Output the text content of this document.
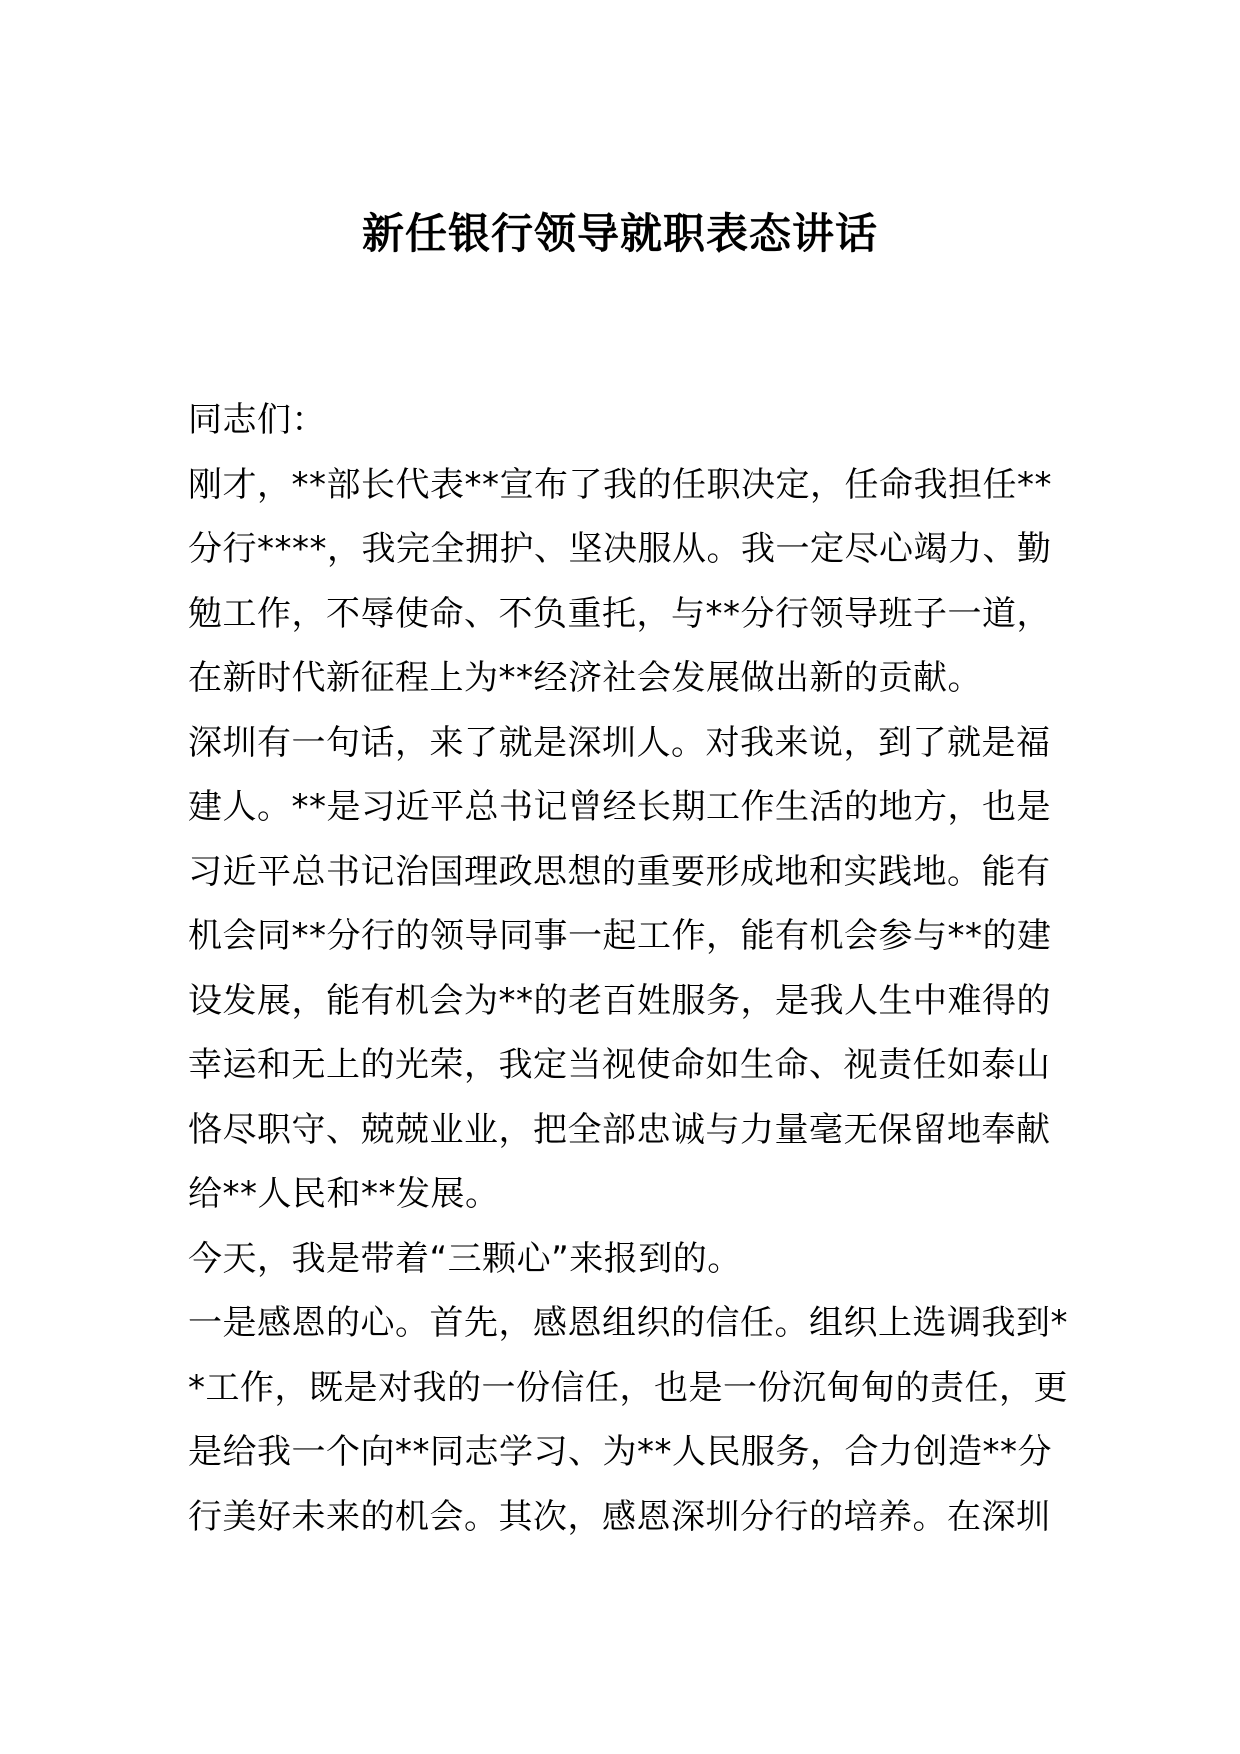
新任银行领导就职表态讲话
同志们：
刚才，**部长代表**宣布了我的任职决定，任命我担任**
分行****，我完全拥护、坚决服从。我一定尽心竭力、勤
勉工作，不辱使命、不负重托，与**分行领导班子一道，
在新时代新征程上为**经济社会发展做出新的贡献。
深圳有一句话，来了就是深圳人。对我来说，到了就是福
建人。**是习近平总书记曾经长期工作生活的地方，也是
习近平总书记治国理政思想的重要形成地和实践地。能有
机会同**分行的领导同事一起工作，能有机会参与**的建
设发展，能有机会为**的老百姓服务，是我人生中难得的
幸运和无上的光荣，我定当视使命如生命、视责任如泰山
恪尽职守、兢兢业业，把全部忠诚与力量毫无保留地奉献
给**人民和**发展。
今天，我是带着“三颗心”来报到的。
一是感恩的心。首先，感恩组织的信任。组织上选调我到*
*工作，既是对我的一份信任，也是一份沉甸甸的责任，更
是给我一个向**同志学习、为**人民服务，合力创造**分
行美好未来的机会。其次，感恩深圳分行的培养。在深圳
